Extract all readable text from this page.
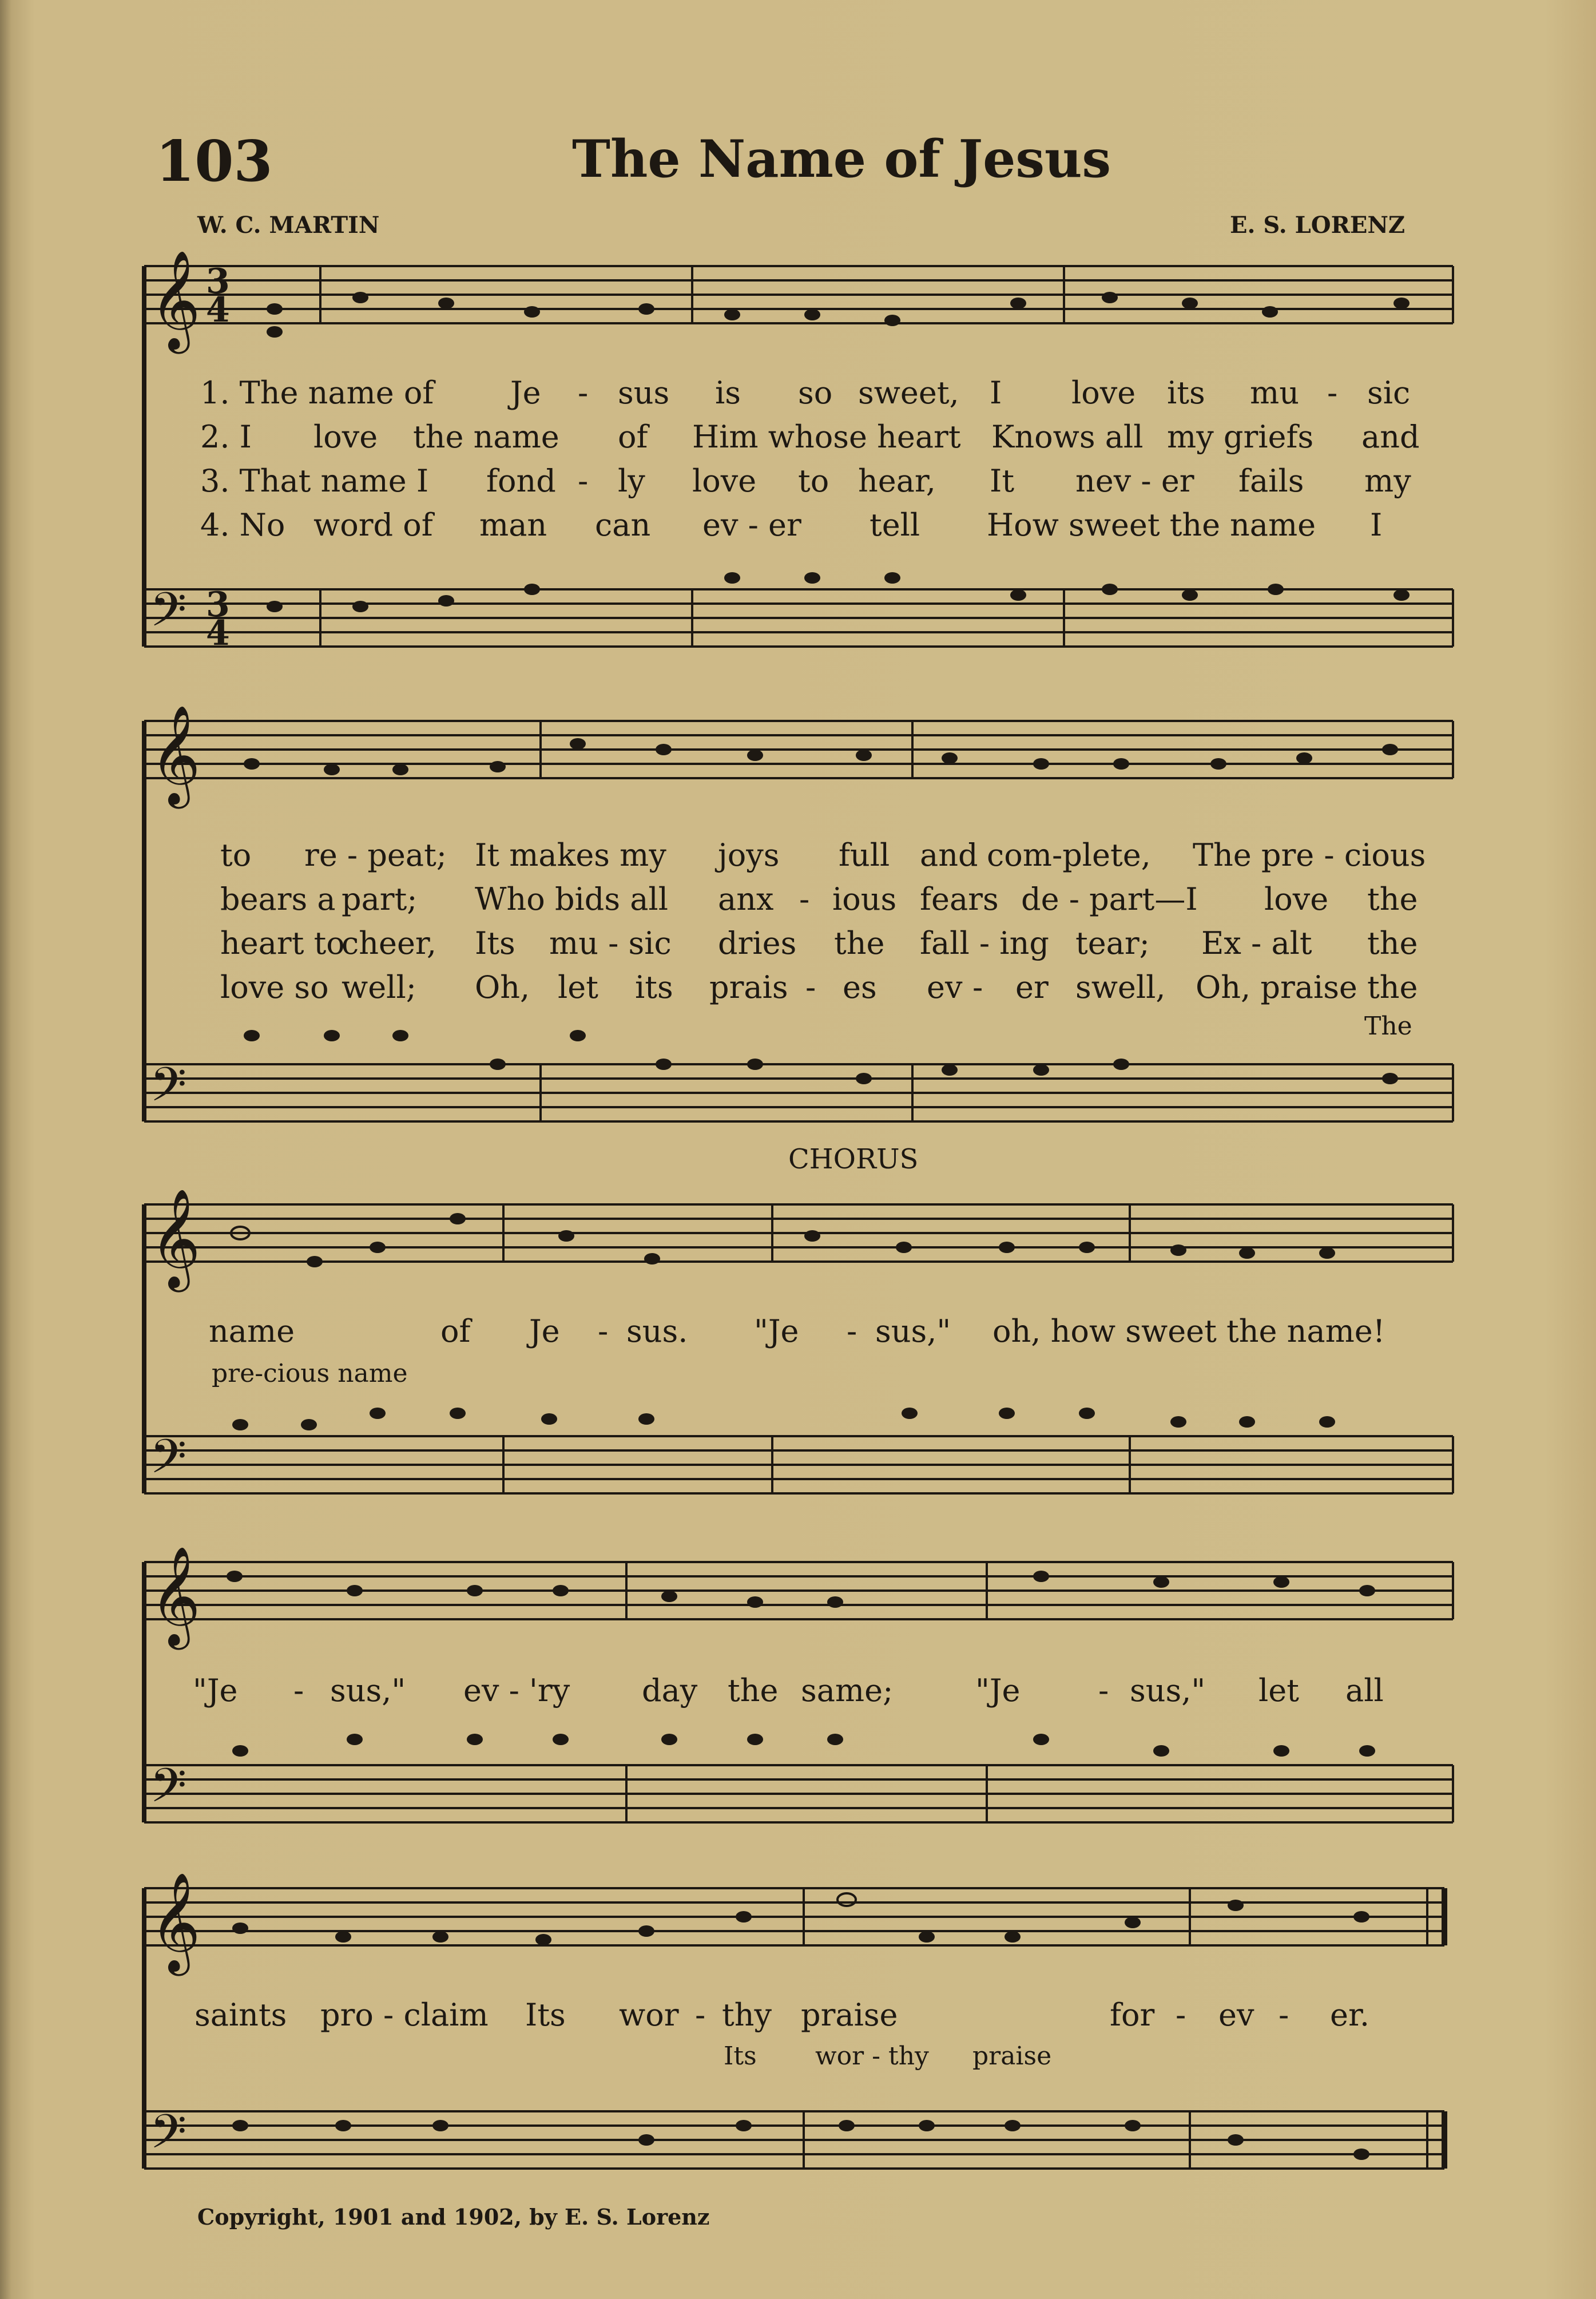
103	The Name of Jesus
W. C. MARTIN	E. S. LORENZ
𝄞
𝄢
3
4
3
4
𝄞
𝄢
𝄞
𝄢
𝄞
𝄢
𝄞
𝄢
1. The name of Je - sus is so sweet, I love its mu - sic
2. I love the name of Him whose heart Knows all my griefs and
3. That name I fond - ly love to hear, It nev - er fails my
4. No word of man can ev - er tell How sweet the name I
to re - peat; It makes my joys full and com-plete, The pre - cious
bears a part; Who bids all anx - ious fears de - part—I love the
heart to
cheer, Its mu - sic dries the fall - ing tear; Ex - alt the
love so well; Oh, let its prais - es ev - er swell, Oh, praise the
The
CHORUS
name	of Je - sus. "Je - sus," oh, how sweet the name!
pre-cious name
"Je - sus," ev - 'ry day the same;	"Je	- sus," let all
saints pro - claim Its wor - thy praise	for - ev - er.
Its wor - thy praise
Copyright, 1901 and 1902, by E. S. Lorenz
